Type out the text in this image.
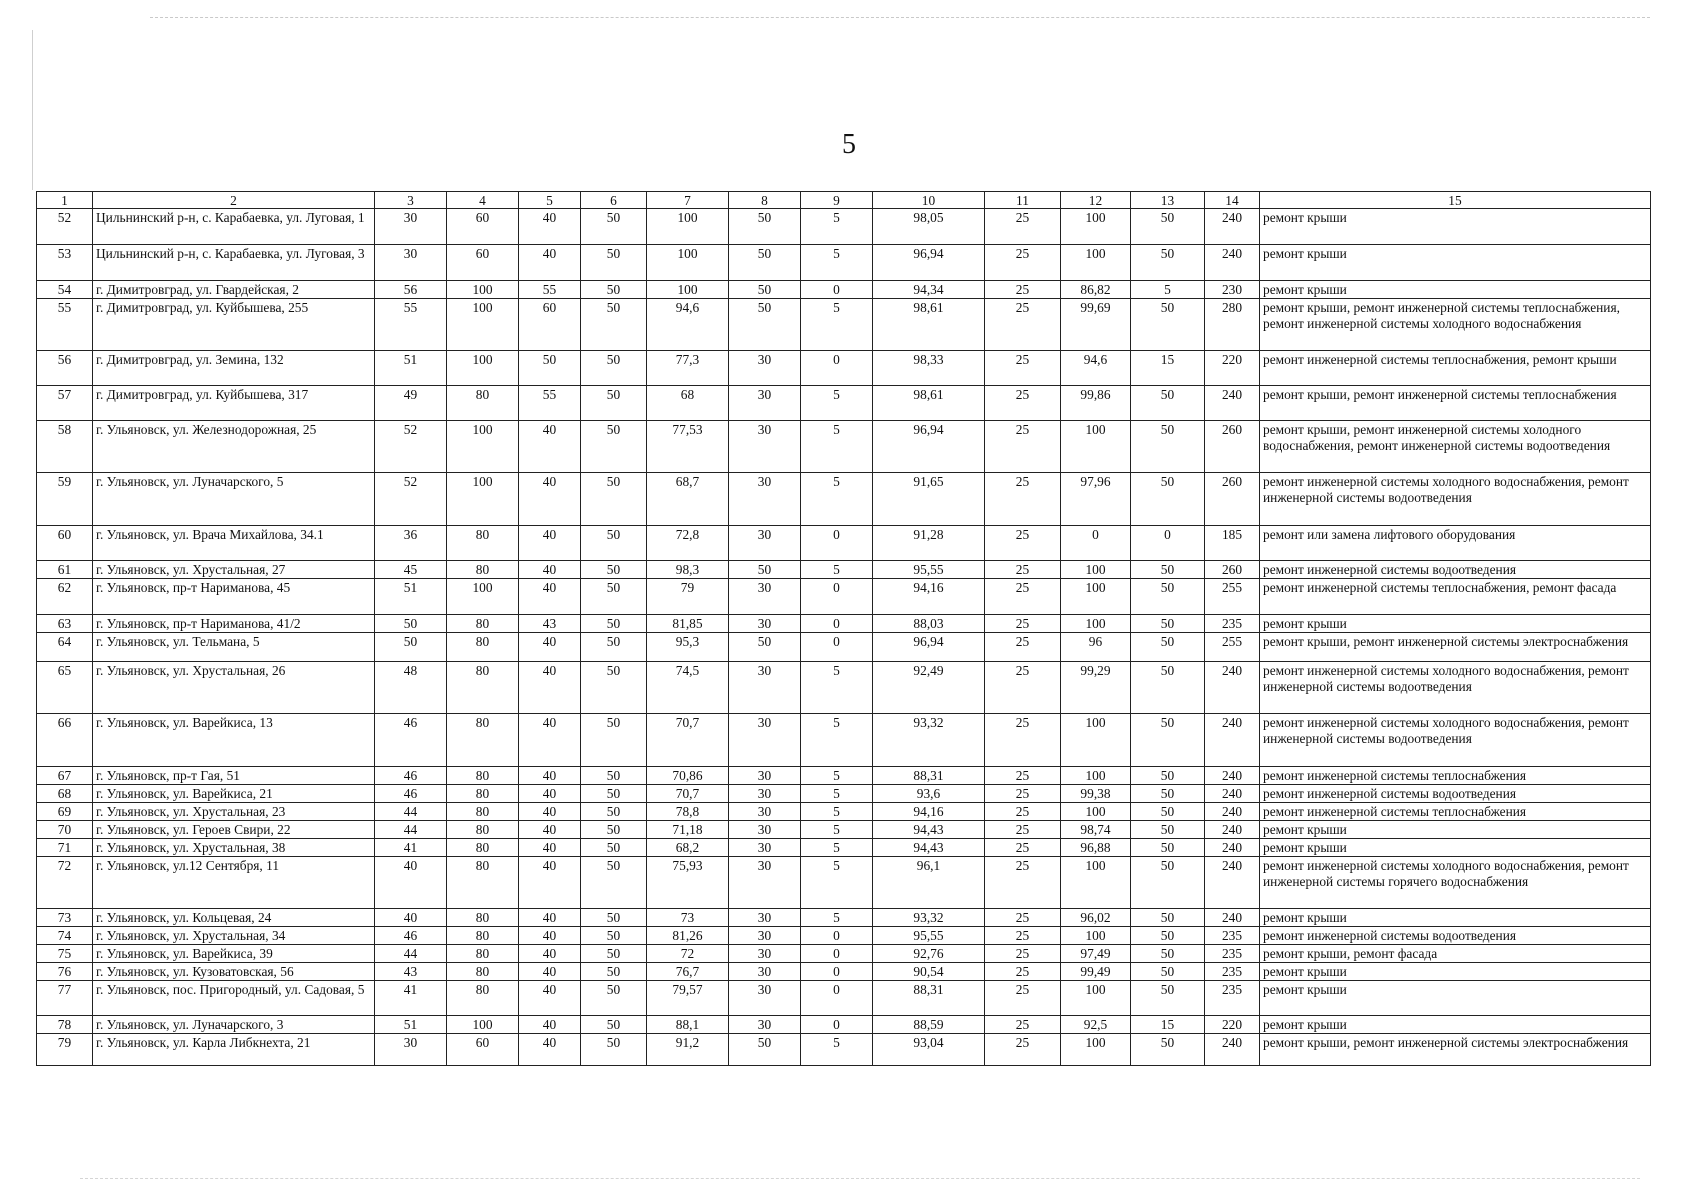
5
1	2	3	4	5	6	7	8	9	10	11	12	13	14	15
52	Цильнинский р-н, с. Карабаевка, ул. Луговая, 1	30	60	40	50	100	50	5	98,05	25	100	50	240	ремонт крыши
53	Цильнинский р-н, с. Карабаевка, ул. Луговая, 3	30	60	40	50	100	50	5	96,94	25	100	50	240	ремонт крыши
54	г. Димитровград, ул. Гвардейская, 2	56	100	55	50	100	50	0	94,34	25	86,82	5	230	ремонт крыши
55	г. Димитровград, ул. Куйбышева, 255	55	100	60	50	94,6	50	5	98,61	25	99,69	50	280	ремонт крыши, ремонт инженерной системы теплоснабжения, ремонт инженерной системы холодного водоснабжения
56	г. Димитровград, ул. Земина, 132	51	100	50	50	77,3	30	0	98,33	25	94,6	15	220	ремонт инженерной системы теплоснабжения, ремонт крыши
57	г. Димитровград, ул. Куйбышева, 317	49	80	55	50	68	30	5	98,61	25	99,86	50	240	ремонт крыши, ремонт инженерной системы теплоснабжения
58	г. Ульяновск, ул. Железнодорожная, 25	52	100	40	50	77,53	30	5	96,94	25	100	50	260	ремонт крыши, ремонт инженерной системы холодного водоснабжения, ремонт инженерной системы водоотведения
59	г. Ульяновск, ул. Луначарского, 5	52	100	40	50	68,7	30	5	91,65	25	97,96	50	260	ремонт инженерной системы холодного водоснабжения, ремонт инженерной системы водоотведения
60	г. Ульяновск, ул. Врача Михайлова, 34.1	36	80	40	50	72,8	30	0	91,28	25	0	0	185	ремонт или замена лифтового оборудования
61	г. Ульяновск, ул. Хрустальная, 27	45	80	40	50	98,3	50	5	95,55	25	100	50	260	ремонт инженерной системы водоотведения
62	г. Ульяновск, пр-т Нариманова, 45	51	100	40	50	79	30	0	94,16	25	100	50	255	ремонт инженерной системы теплоснабжения, ремонт фасада
63	г. Ульяновск, пр-т Нариманова, 41/2	50	80	43	50	81,85	30	0	88,03	25	100	50	235	ремонт крыши
64	г. Ульяновск, ул. Тельмана, 5	50	80	40	50	95,3	50	0	96,94	25	96	50	255	ремонт крыши, ремонт инженерной системы электроснабжения
65	г. Ульяновск, ул. Хрустальная, 26	48	80	40	50	74,5	30	5	92,49	25	99,29	50	240	ремонт инженерной системы холодного водоснабжения, ремонт инженерной системы водоотведения
66	г. Ульяновск, ул. Варейкиса, 13	46	80	40	50	70,7	30	5	93,32	25	100	50	240	ремонт инженерной системы холодного водоснабжения, ремонт инженерной системы водоотведения
67	г. Ульяновск, пр-т Гая, 51	46	80	40	50	70,86	30	5	88,31	25	100	50	240	ремонт инженерной системы теплоснабжения
68	г. Ульяновск, ул. Варейкиса, 21	46	80	40	50	70,7	30	5	93,6	25	99,38	50	240	ремонт инженерной системы водоотведения
69	г. Ульяновск, ул. Хрустальная, 23	44	80	40	50	78,8	30	5	94,16	25	100	50	240	ремонт инженерной системы теплоснабжения
70	г. Ульяновск, ул. Героев Свири, 22	44	80	40	50	71,18	30	5	94,43	25	98,74	50	240	ремонт крыши
71	г. Ульяновск, ул. Хрустальная, 38	41	80	40	50	68,2	30	5	94,43	25	96,88	50	240	ремонт крыши
72	г. Ульяновск, ул.12 Сентября, 11	40	80	40	50	75,93	30	5	96,1	25	100	50	240	ремонт инженерной системы холодного водоснабжения, ремонт инженерной системы горячего водоснабжения
73	г. Ульяновск, ул. Кольцевая, 24	40	80	40	50	73	30	5	93,32	25	96,02	50	240	ремонт крыши
74	г. Ульяновск, ул. Хрустальная, 34	46	80	40	50	81,26	30	0	95,55	25	100	50	235	ремонт инженерной системы водоотведения
75	г. Ульяновск, ул. Варейкиса, 39	44	80	40	50	72	30	0	92,76	25	97,49	50	235	ремонт крыши, ремонт фасада
76	г. Ульяновск, ул. Кузоватовская, 56	43	80	40	50	76,7	30	0	90,54	25	99,49	50	235	ремонт крыши
77	г. Ульяновск, пос. Пригородный, ул. Садовая, 5	41	80	40	50	79,57	30	0	88,31	25	100	50	235	ремонт крыши
78	г. Ульяновск, ул. Луначарского, 3	51	100	40	50	88,1	30	0	88,59	25	92,5	15	220	ремонт крыши
79	г. Ульяновск, ул. Карла Либкнехта, 21	30	60	40	50	91,2	50	5	93,04	25	100	50	240	ремонт крыши, ремонт инженерной системы электроснабжения
